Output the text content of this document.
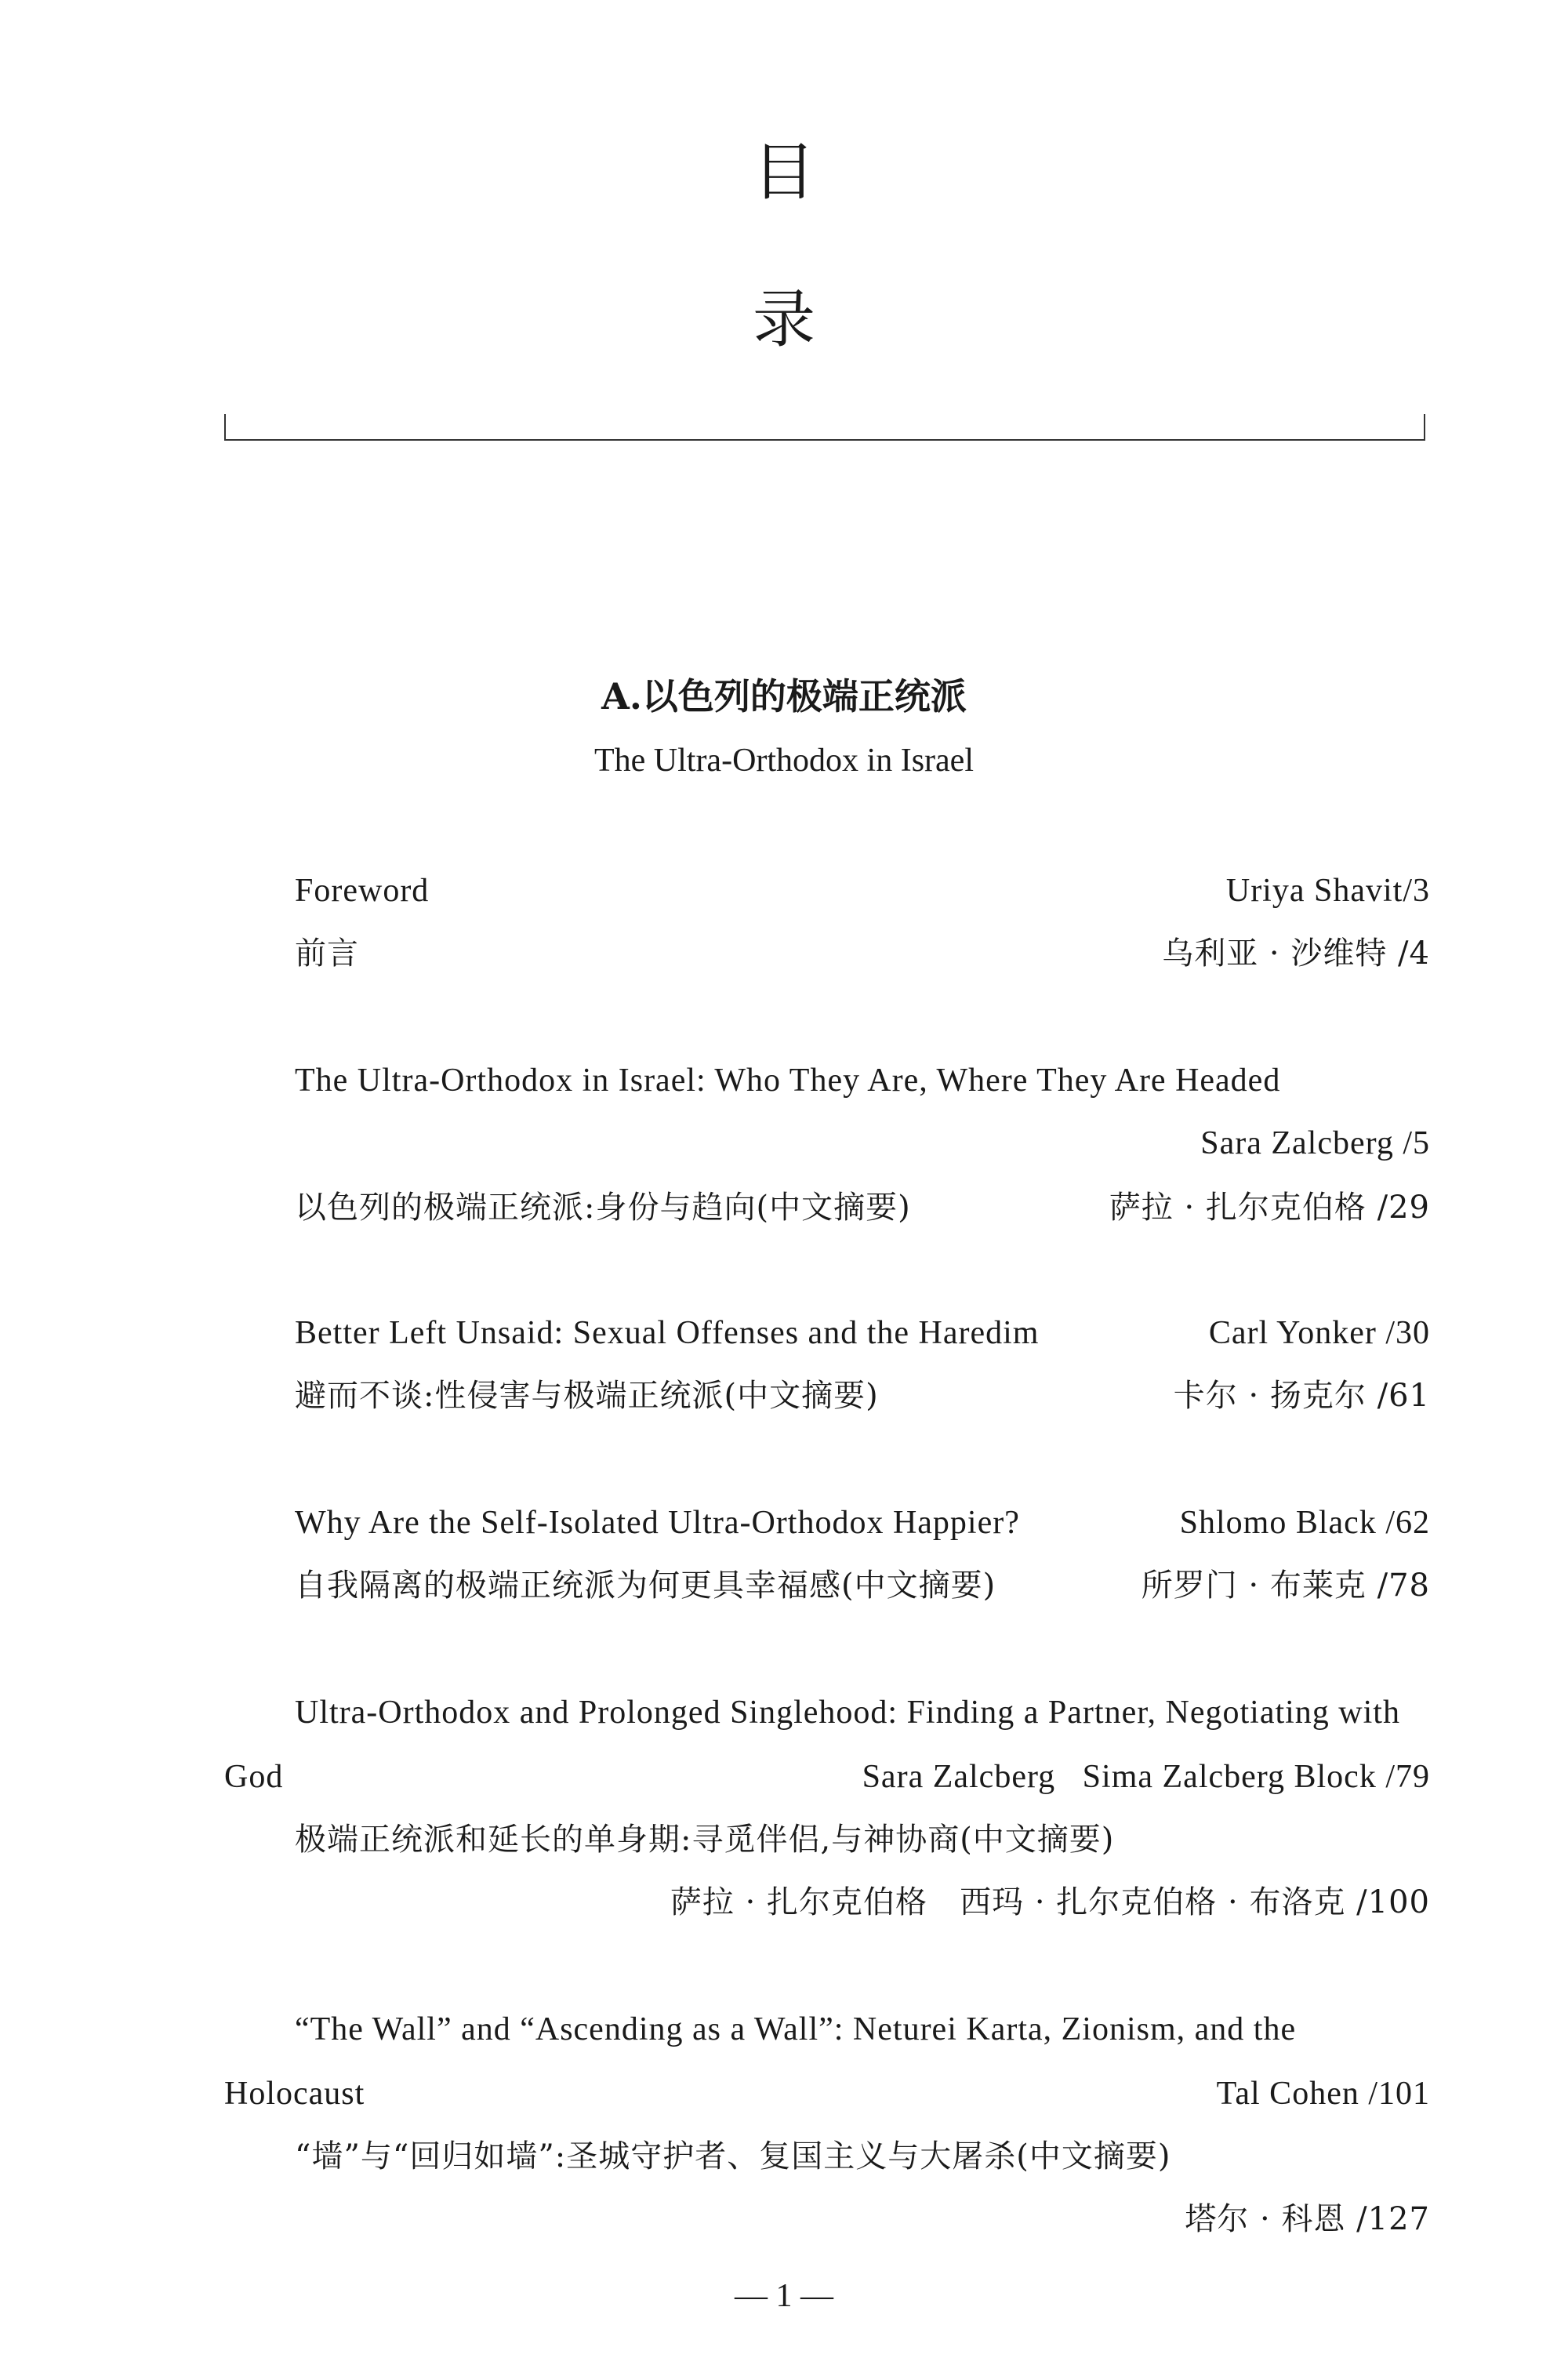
目
录
A.以色列的极端正统派
The Ultra-Orthodox in Israel
Foreword	Uriya Shavit/3
前言	乌利亚 · 沙维特 /4
The Ultra-Orthodox in Israel: Who They Are, Where They Are Headed
Sara Zalcberg /5
以色列的极端正统派:身份与趋向(中文摘要)	萨拉 · 扎尔克伯格 /29
Better Left Unsaid: Sexual Offenses and the Haredim	Carl Yonker /30
避而不谈:性侵害与极端正统派(中文摘要)	卡尔 · 扬克尔 /61
Why Are the Self-Isolated Ultra-Orthodox Happier?	Shlomo Black /62
自我隔离的极端正统派为何更具幸福感(中文摘要)	所罗门 · 布莱克 /78
Ultra-Orthodox and Prolonged Singlehood: Finding a Partner, Negotiating with
God	Sara Zalcberg   Sima Zalcberg Block /79
极端正统派和延长的单身期:寻觅伴侣,与神协商(中文摘要)
萨拉 · 扎尔克伯格   西玛 · 扎尔克伯格 · 布洛克 /100
“The Wall” and “Ascending as a Wall”: Neturei Karta, Zionism, and the
Holocaust	Tal Cohen /101
“墙”与“回归如墙”:圣城守护者、复国主义与大屠杀(中文摘要)
塔尔 · 科恩 /127
— 1 —
